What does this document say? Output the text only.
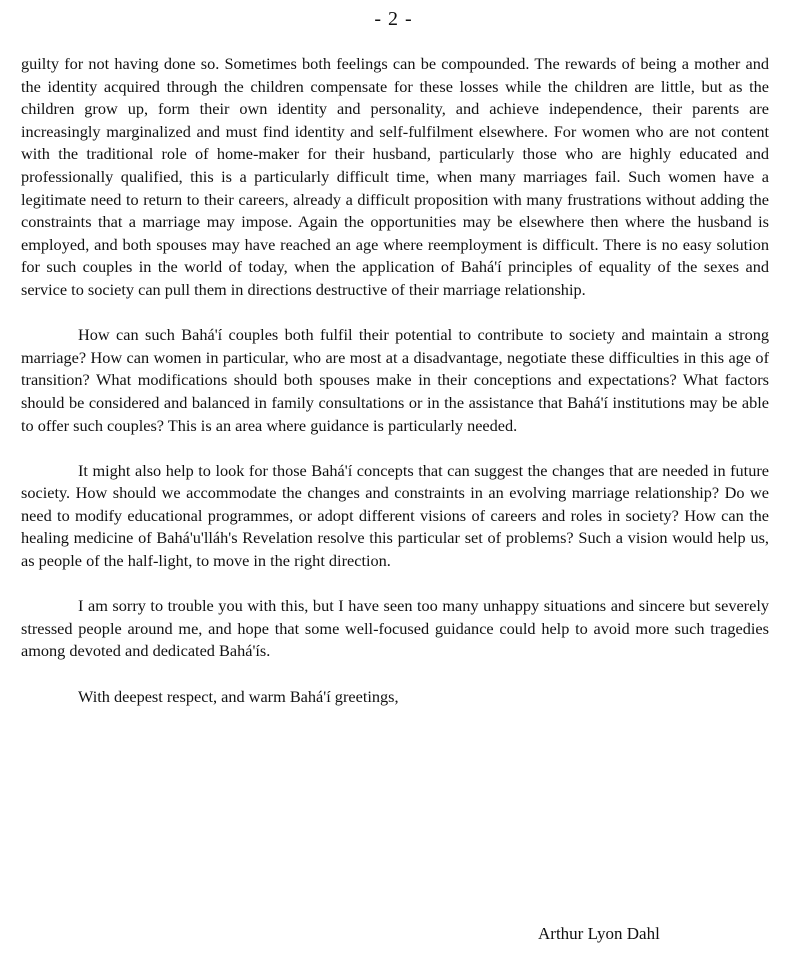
- 2 -

guilty for not having done so. Sometimes both feelings can be compounded. The rewards of being a mother and the identity acquired through the children compensate for these losses while the children are little, but as the children grow up, form their own identity and personality, and achieve independence, their parents are increasingly marginalized and must find identity and self-fulfilment elsewhere. For women who are not content with the traditional role of home-maker for their husband, particularly those who are highly educated and professionally qualified, this is a particularly difficult time, when many marriages fail. Such women have a legitimate need to return to their careers, already a difficult proposition with many frustrations without adding the constraints that a marriage may impose. Again the opportunities may be elsewhere then where the husband is employed, and both spouses may have reached an age where reemployment is difficult. There is no easy solution for such couples in the world of today, when the application of Bahá'í principles of equality of the sexes and service to society can pull them in directions destructive of their marriage relationship.

How can such Bahá'í couples both fulfil their potential to contribute to society and maintain a strong marriage? How can women in particular, who are most at a disadvantage, negotiate these difficulties in this age of transition? What modifications should both spouses make in their conceptions and expectations? What factors should be considered and balanced in family consultations or in the assistance that Bahá'í institutions may be able to offer such couples? This is an area where guidance is particularly needed.

It might also help to look for those Bahá'í concepts that can suggest the changes that are needed in future society. How should we accommodate the changes and constraints in an evolving marriage relationship? Do we need to modify educational programmes, or adopt different visions of careers and roles in society? How can the healing medicine of Bahá'u'lláh's Revelation resolve this particular set of problems? Such a vision would help us, as people of the half-light, to move in the right direction.

I am sorry to trouble you with this, but I have seen too many unhappy situations and sincere but severely stressed people around me, and hope that some well-focused guidance could help to avoid more such tragedies among devoted and dedicated Bahá'ís.

With deepest respect, and warm Bahá'í greetings,

Arthur Lyon Dahl
